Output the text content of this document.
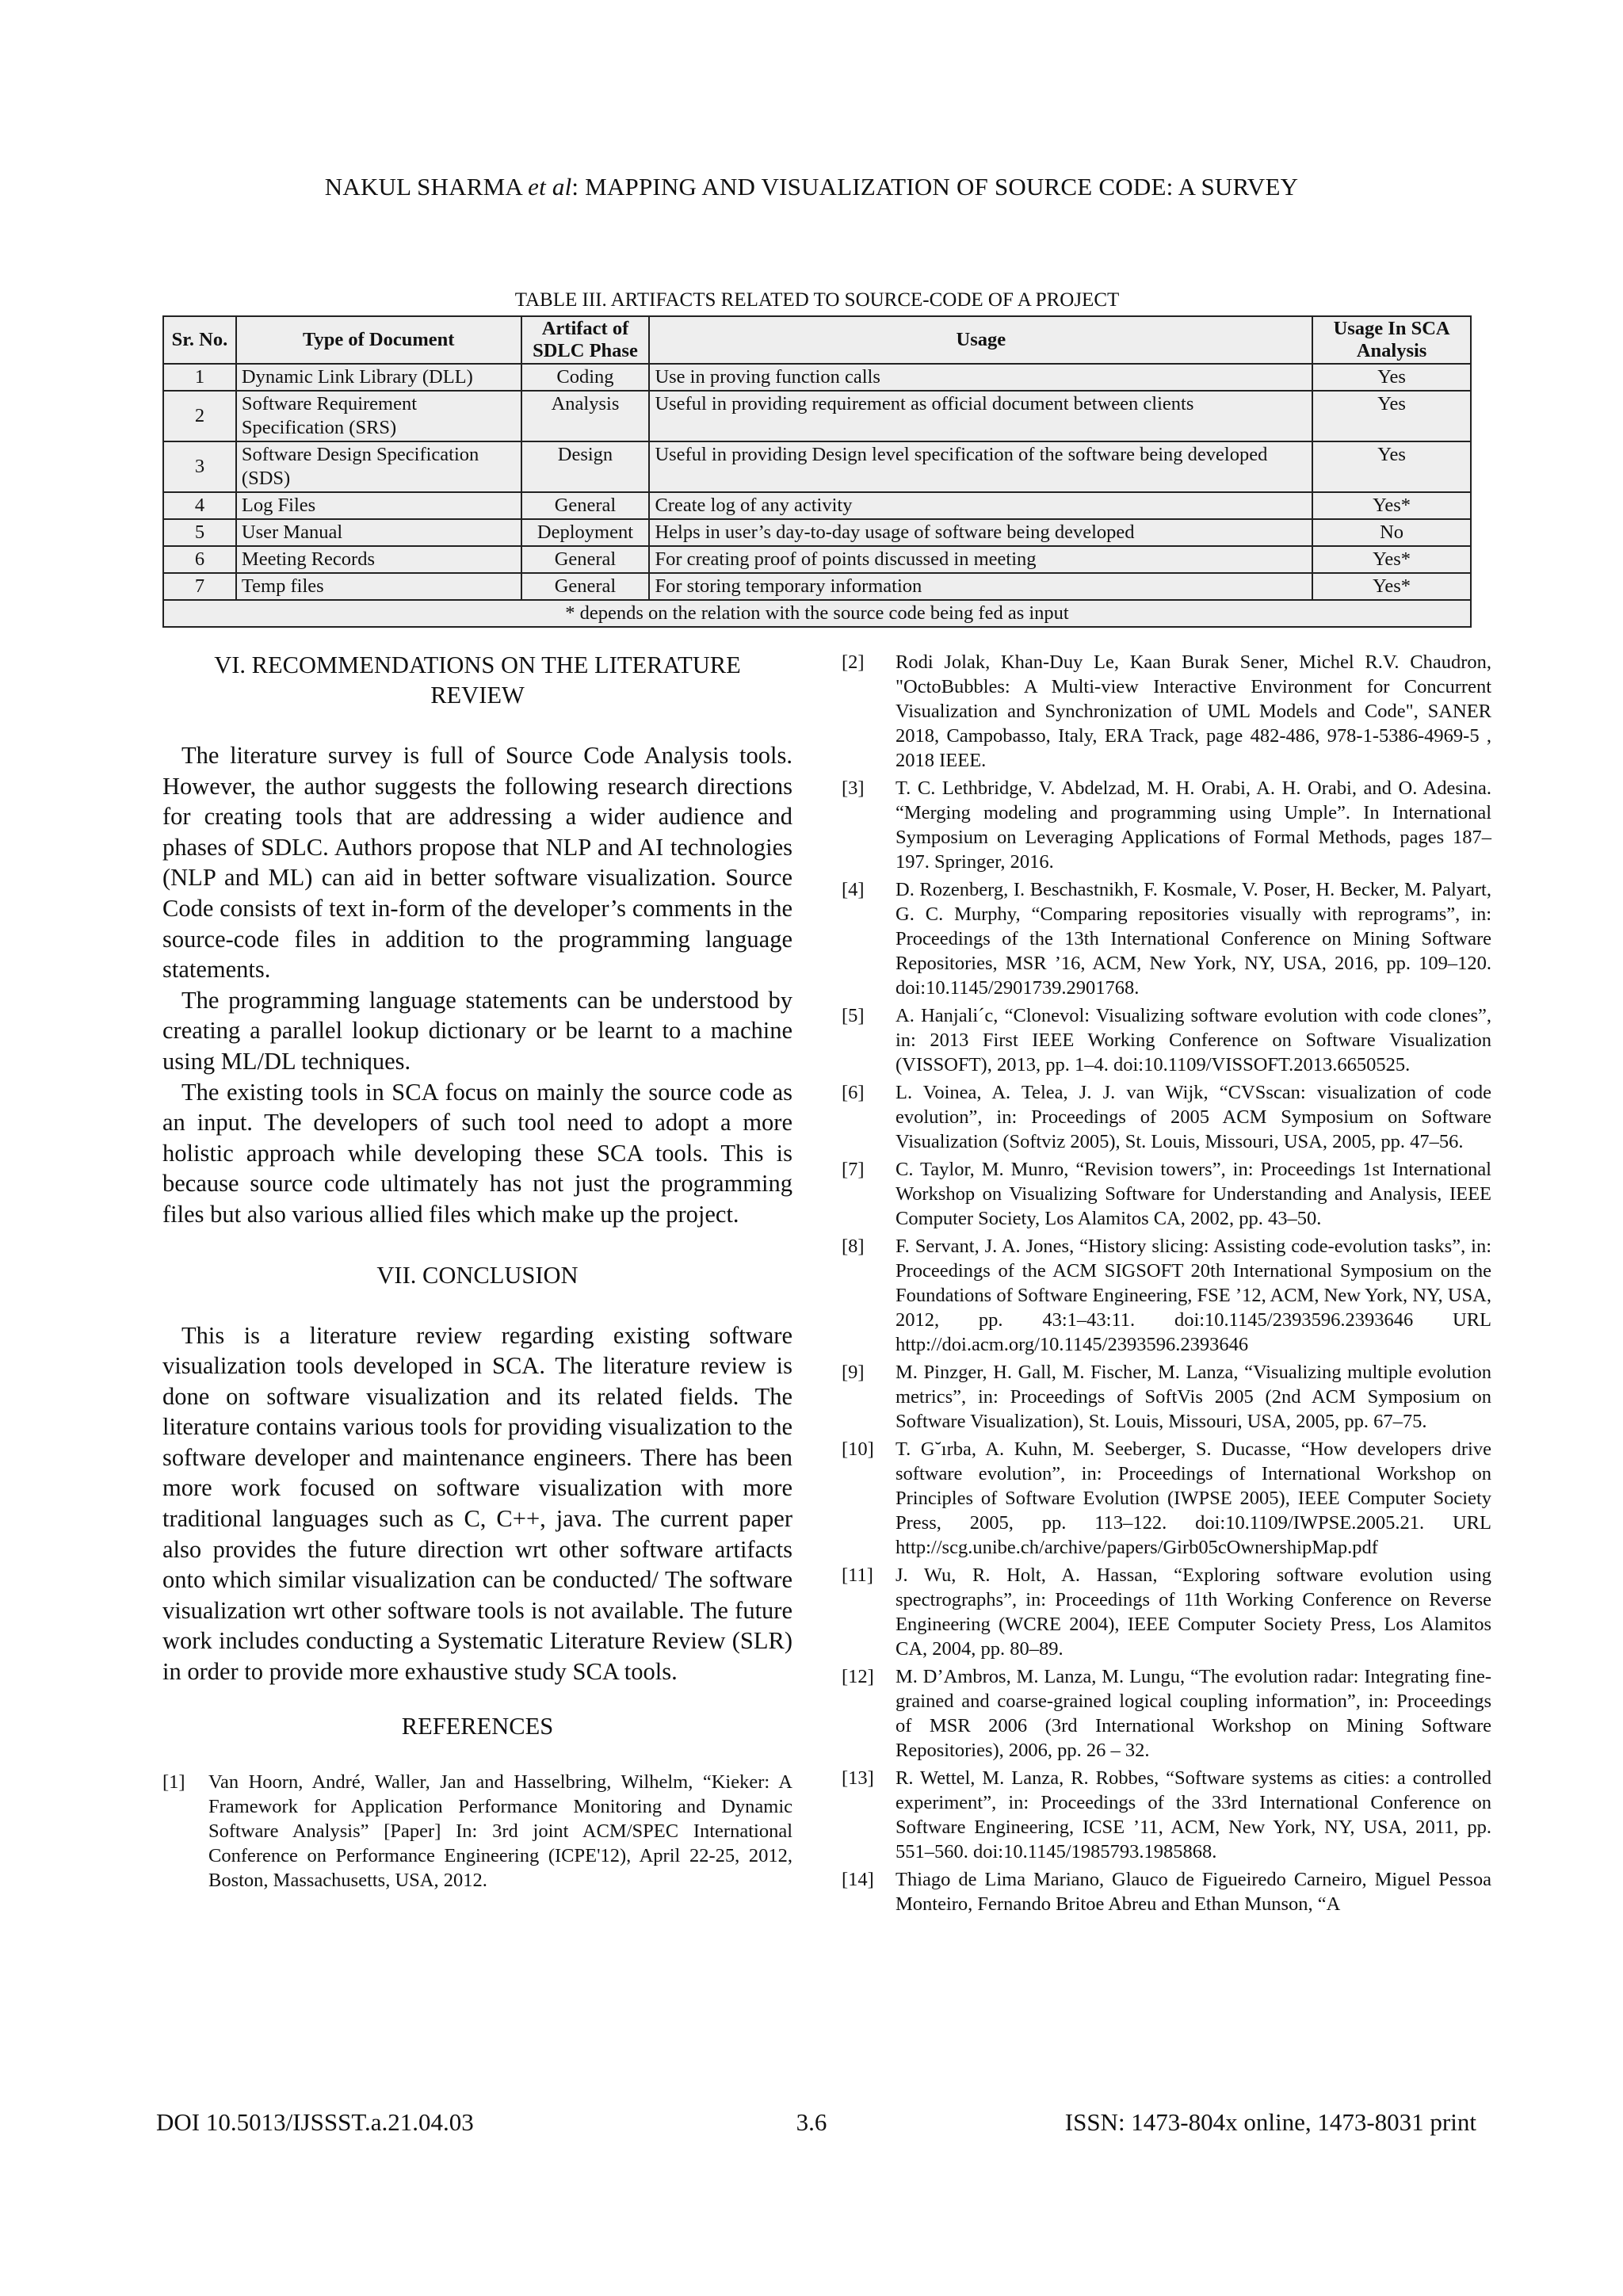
NAKUL SHARMA et al: MAPPING AND VISUALIZATION OF SOURCE CODE: A SURVEY
TABLE III. ARTIFACTS RELATED TO SOURCE-CODE OF A PROJECT
Sr. No.	Type of Document	Artifact of SDLC Phase	Usage	Usage In SCA Analysis
1	Dynamic Link Library (DLL)	Coding	Use in proving function calls	Yes
2	Software Requirement Specification (SRS)	Analysis	Useful in providing requirement as official document between clients	Yes
3	Software Design Specification (SDS)	Design	Useful in providing Design level specification of the software being developed	Yes
4	Log Files	General	Create log of any activity	Yes*
5	User Manual	Deployment	Helps in user’s day-to-day usage of software being developed	No
6	Meeting Records	General	For creating proof of points discussed in meeting	Yes*
7	Temp files	General	For storing temporary information	Yes*
* depends on the relation with the source code being fed as input				
VI. RECOMMENDATIONS ON THE LITERATURE
REVIEW

The literature survey is full of Source Code Analysis tools. However, the author suggests the following research directions for creating tools that are addressing a wider audience and phases of SDLC. Authors propose that NLP and AI technologies (NLP and ML) can aid in better software visualization. Source Code consists of text in-form of the developer’s comments in the source-code files in addition to the programming language statements.

The programming language statements can be understood by creating a parallel lookup dictionary or be learnt to a machine using ML/DL techniques.

The existing tools in SCA focus on mainly the source code as an input. The developers of such tool need to adopt a more holistic approach while developing these SCA tools. This is because source code ultimately has not just the programming files but also various allied files which make up the project.

VII. CONCLUSION

This is a literature review regarding existing software visualization tools developed in SCA. The literature review is done on software visualization and its related fields. The literature contains various tools for providing visualization to the software developer and maintenance engineers. There has been more work focused on software visualization with more traditional languages such as C, C++, java. The current paper also provides the future direction wrt other software artifacts onto which similar visualization can be conducted/ The software visualization wrt other software tools is not available. The future work includes conducting a Systematic Literature Review (SLR) in order to provide more exhaustive study SCA tools.

REFERENCES
[1]	Van Hoorn, André, Waller, Jan and Hasselbring, Wilhelm, “Kieker: A Framework for Application Performance Monitoring and Dynamic Software Analysis” [Paper] In: 3rd joint ACM/SPEC International Conference on Performance Engineering (ICPE'12), April 22-25, 2012, Boston, Massachusetts, USA, 2012.
[2]	Rodi Jolak, Khan-Duy Le, Kaan Burak Sener, Michel R.V. Chaudron, "OctoBubbles: A Multi-view Interactive Environment for Concurrent Visualization and Synchronization of UML Models and Code", SANER 2018, Campobasso, Italy, ERA Track, page 482-486, 978-1-5386-4969-5 , 2018 IEEE.
[3]	T. C. Lethbridge, V. Abdelzad, M. H. Orabi, A. H. Orabi, and O. Adesina. “Merging modeling and programming using Umple”. In International Symposium on Leveraging Applications of Formal Methods, pages 187–197. Springer, 2016.
[4]	D. Rozenberg, I. Beschastnikh, F. Kosmale, V. Poser, H. Becker, M. Palyart, G. C. Murphy, “Comparing repositories visually with reprograms”, in: Proceedings of the 13th International Conference on Mining Software Repositories, MSR ’16, ACM, New York, NY, USA, 2016, pp. 109–120. doi:10.1145/2901739.2901768.
[5]	A. Hanjali´c, “Clonevol: Visualizing software evolution with code clones”, in: 2013 First IEEE Working Conference on Software Visualization (VISSOFT), 2013, pp. 1–4. doi:10.1109/VISSOFT.2013.6650525.
[6]	L. Voinea, A. Telea, J. J. van Wijk, “CVSscan: visualization of code evolution”, in: Proceedings of 2005 ACM Symposium on Software Visualization (Softviz 2005), St. Louis, Missouri, USA, 2005, pp. 47–56.
[7]	C. Taylor, M. Munro, “Revision towers”, in: Proceedings 1st International Workshop on Visualizing Software for Understanding and Analysis, IEEE Computer Society, Los Alamitos CA, 2002, pp. 43–50.
[8]	F. Servant, J. A. Jones, “History slicing: Assisting code-evolution tasks”, in: Proceedings of the ACM SIGSOFT 20th International Symposium on the Foundations of Software Engineering, FSE ’12, ACM, New York, NY, USA, 2012, pp. 43:1–43:11. doi:10.1145/2393596.2393646 URL http://doi.acm.org/10.1145/2393596.2393646
[9]	M. Pinzger, H. Gall, M. Fischer, M. Lanza, “Visualizing multiple evolution metrics”, in: Proceedings of SoftVis 2005 (2nd ACM Symposium on Software Visualization), St. Louis, Missouri, USA, 2005, pp. 67–75.
[10]	T. G˘ırba, A. Kuhn, M. Seeberger, S. Ducasse, “How developers drive software evolution”, in: Proceedings of International Workshop on Principles of Software Evolution (IWPSE 2005), IEEE Computer Society Press, 2005, pp. 113–122. doi:10.1109/IWPSE.2005.21. URL http://scg.unibe.ch/archive/papers/Girb05cOwnershipMap.pdf
[11]	J. Wu, R. Holt, A. Hassan, “Exploring software evolution using spectrographs”, in: Proceedings of 11th Working Conference on Reverse Engineering (WCRE 2004), IEEE Computer Society Press, Los Alamitos CA, 2004, pp. 80–89.
[12]	M. D’Ambros, M. Lanza, M. Lungu, “The evolution radar: Integrating fine-grained and coarse-grained logical coupling information”, in: Proceedings of MSR 2006 (3rd International Workshop on Mining Software Repositories), 2006, pp. 26 – 32.
[13]	R. Wettel, M. Lanza, R. Robbes, “Software systems as cities: a controlled experiment”, in: Proceedings of the 33rd International Conference on Software Engineering, ICSE ’11, ACM, New York, NY, USA, 2011, pp. 551–560. doi:10.1145/1985793.1985868.
[14]	Thiago de Lima Mariano, Glauco de Figueiredo Carneiro, Miguel Pessoa Monteiro, Fernando Britoe Abreu and Ethan Munson, “A
DOI 10.5013/IJSSST.a.21.04.03	3.6	ISSN: 1473-804x online, 1473-8031 print
